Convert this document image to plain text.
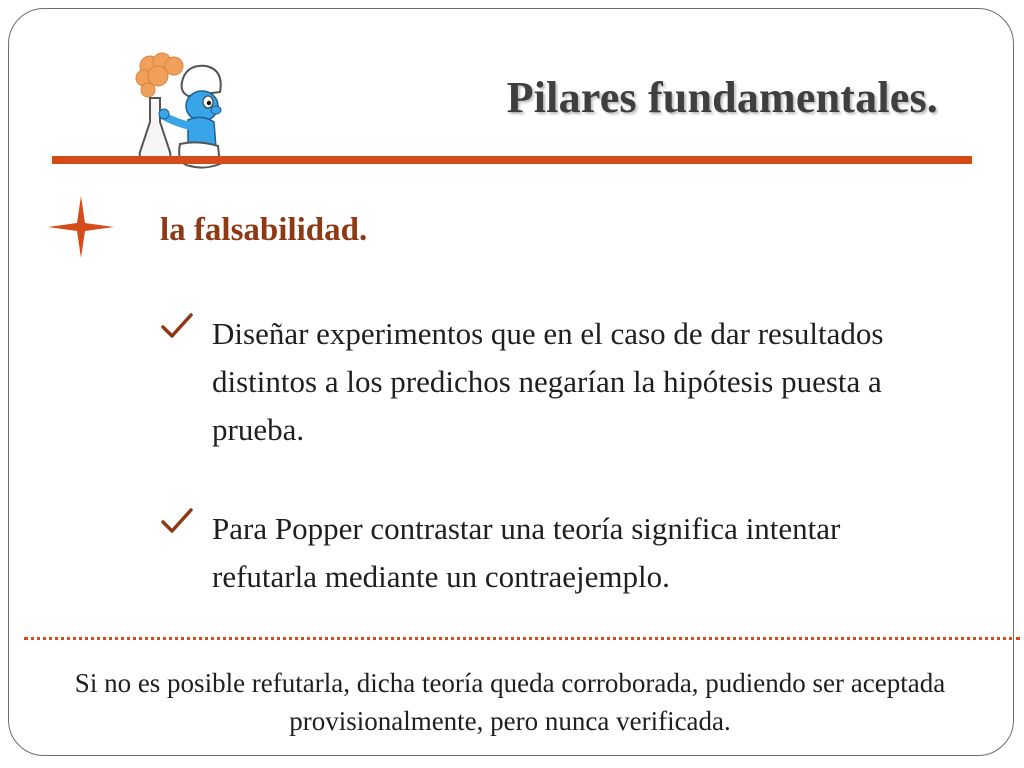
Pilares fundamentales.
la falsabilidad.

Diseñar experimentos que en el caso de dar resultados distintos a los predichos negarían la hipótesis puesta a prueba.

Para Popper contrastar una teoría significa intentar refutarla mediante un contraejemplo.

Si no es posible refutarla, dicha teoría queda corroborada, pudiendo ser aceptada provisionalmente, pero nunca verificada.
